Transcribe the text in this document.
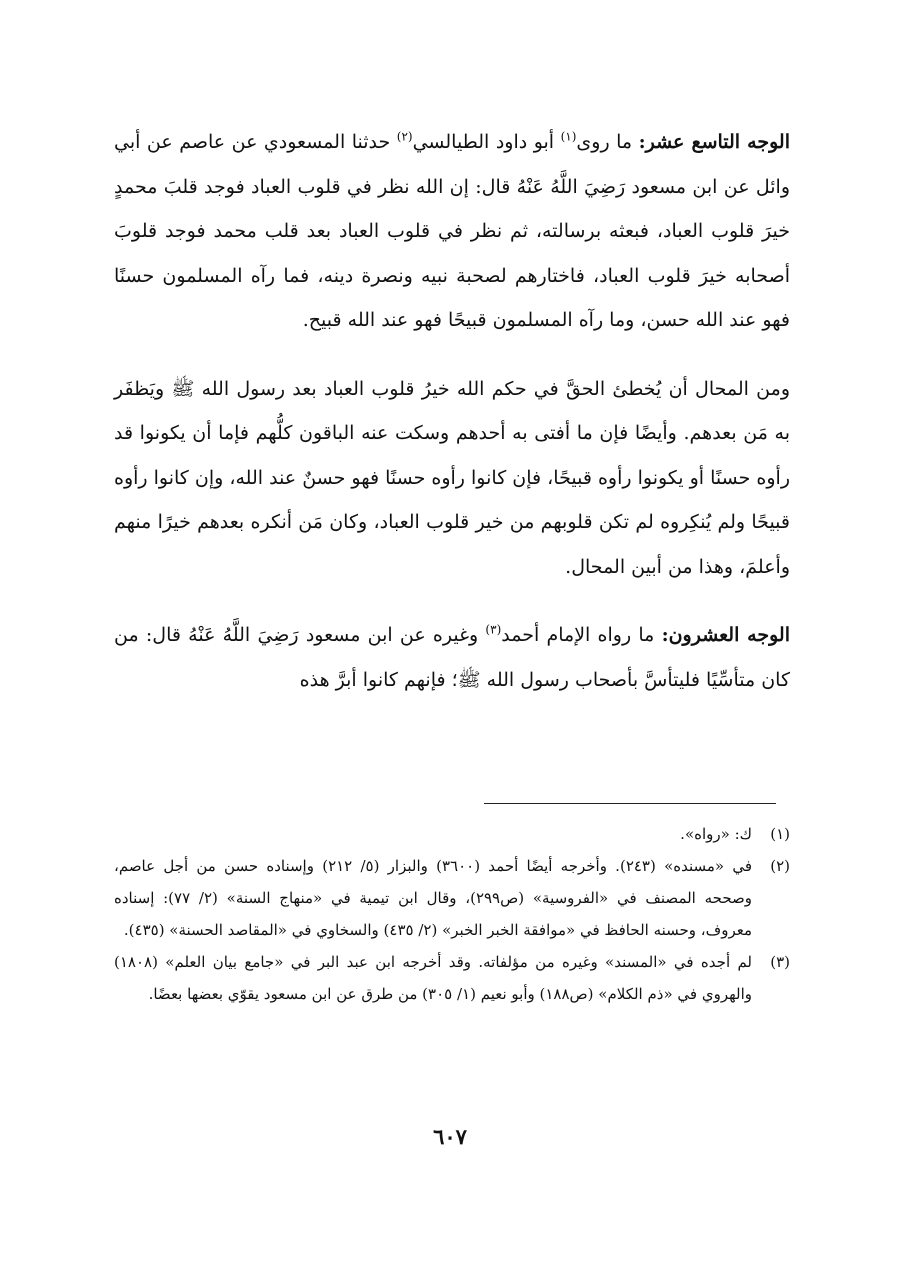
الوجه التاسع عشر: ما روى$^{(١)}$ أبو داود الطيالسي$^{(٢)}$ حدثنا المسعودي عن عاصم عن أبي وائل عن ابن مسعود رَضِيَ اللَّهُ عَنْهُ قال: إن الله نظر في قلوب العباد فوجد قلبَ محمدٍ خيرَ قلوب العباد، فبعثه برسالته، ثم نظر في قلوب العباد بعد قلب محمد فوجد قلوبَ أصحابه خيرَ قلوب العباد، فاختارهم لصحبة نبيه ونصرة دينه، فما رآه المسلمون حسنًا فهو عند الله حسن، وما رآه المسلمون قبيحًا فهو عند الله قبيح.

ومن المحال أن يُخطئ الحقَّ في حكم الله خيرُ قلوب العباد بعد رسول الله ﷺ ويَظفَر به مَن بعدهم. وأيضًا فإن ما أفتى به أحدهم وسكت عنه الباقون كلُّهم فإما أن يكونوا قد رأوه حسنًا أو يكونوا رأوه قبيحًا، فإن كانوا رأوه حسنًا فهو حسنٌ عند الله، وإن كانوا رأوه قبيحًا ولم يُنكِروه لم تكن قلوبهم من خير قلوب العباد، وكان مَن أنكره بعدهم خيرًا منهم وأعلمَ، وهذا من أبين المحال.

الوجه العشرون: ما رواه الإمام أحمد$^{(٣)}$ وغيره عن ابن مسعود رَضِيَ اللَّهُ عَنْهُ قال: من كان متأسِّيًا فليتأسَّ بأصحاب رسول الله ﷺ؛ فإنهم كانوا أبرَّ هذه

(١)
ك: «رواه».
(٢)
في «مسنده» (٢٤٣). وأخرجه أيضًا أحمد (٣٦٠٠) والبزار (٥/ ٢١٢) وإسناده حسن من أجل عاصم، وصححه المصنف في «الفروسية» (ص٢٩٩)، وقال ابن تيمية في «منهاج السنة» (٢/ ٧٧): إسناده معروف، وحسنه الحافظ في «موافقة الخبر الخبر» (٢/ ٤٣٥) والسخاوي في «المقاصد الحسنة» (٤٣٥).
(٣)
لم أجده في «المسند» وغيره من مؤلفاته. وقد أخرجه ابن عبد البر في «جامع بيان العلم» (١٨٠٨) والهروي في «ذم الكلام» (ص١٨٨) وأبو نعيم (١/ ٣٠٥) من طرق عن ابن مسعود يقوّي بعضها بعضًا.
٦٠٧
